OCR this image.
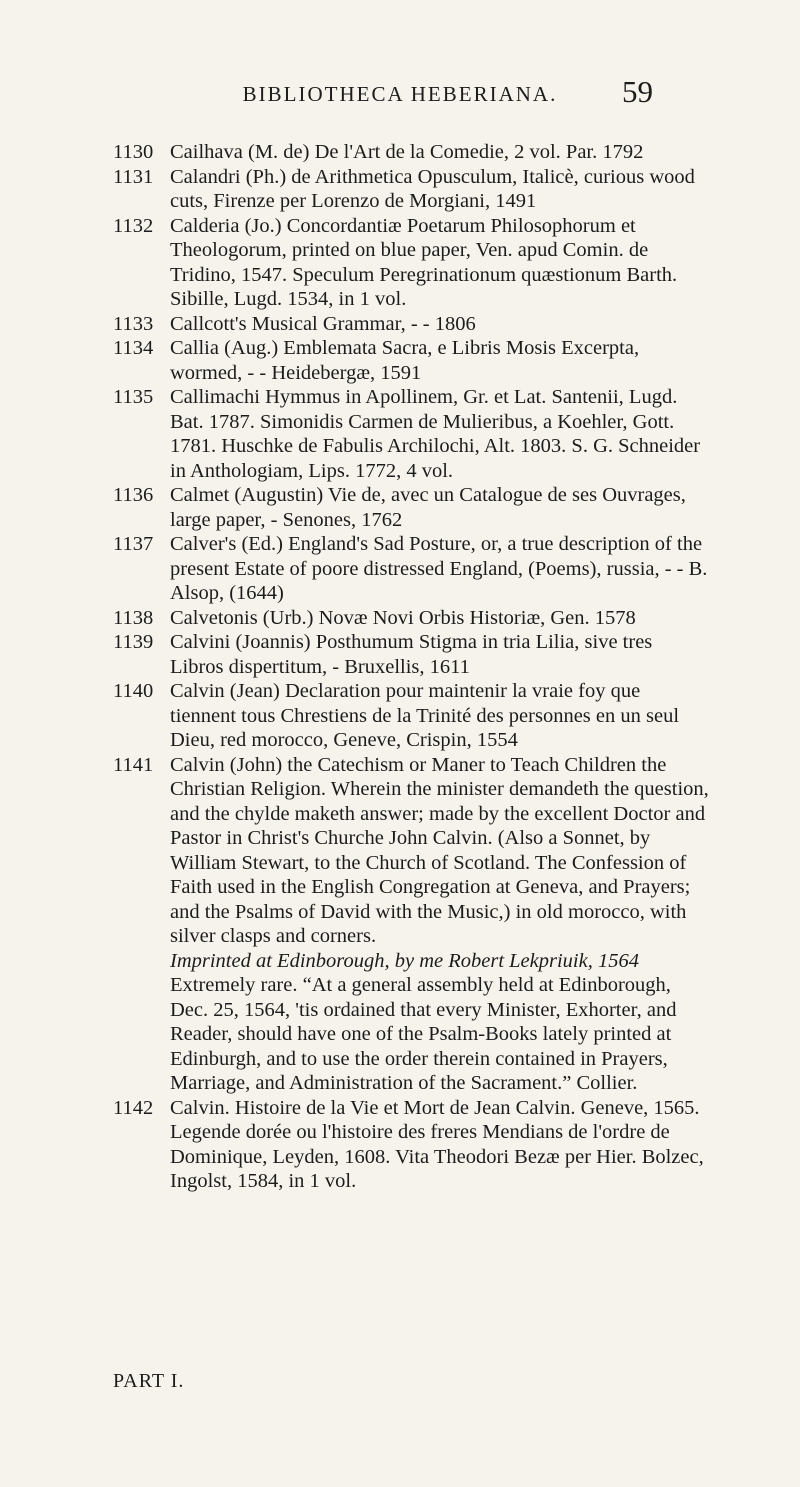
BIBLIOTHECA HEBERIANA.	59
1130 Cailhava (M. de) De l'Art de la Comedie, 2 vol. Par. 1792
1131 Calandri (Ph.) de Arithmetica Opusculum, Italicè, curious wood cuts, Firenze per Lorenzo de Morgiani, 1491
1132 Calderia (Jo.) Concordantiæ Poetarum Philosophorum et Theologorum, printed on blue paper, Ven. apud Comin. de Tridino, 1547. Speculum Peregrinationum quæstionum Barth. Sibille, Lugd. 1534, in 1 vol.
1133 Callcott's Musical Grammar, - - 1806
1134 Callia (Aug.) Emblemata Sacra, e Libris Mosis Excerpta, wormed, - - Heidebergæ, 1591
1135 Callimachi Hymmus in Apollinem, Gr. et Lat. Santenii, Lugd. Bat. 1787. Simonidis Carmen de Mulieribus, a Koehler, Gott. 1781. Huschke de Fabulis Archilochi, Alt. 1803. S. G. Schneider in Anthologiam, Lips. 1772, 4 vol.
1136 Calmet (Augustin) Vie de, avec un Catalogue de ses Ouvrages, large paper, - Senones, 1762
1137 Calver's (Ed.) England's Sad Posture, or, a true description of the present Estate of poore distressed England, (Poems), russia, - - B. Alsop, (1644)
1138 Calvetonis (Urb.) Novæ Novi Orbis Historiæ, Gen. 1578
1139 Calvini (Joannis) Posthumum Stigma in tria Lilia, sive tres Libros dispertitum, - Bruxellis, 1611
1140 Calvin (Jean) Declaration pour maintenir la vraie foy que tiennent tous Chrestiens de la Trinité des personnes en un seul Dieu, red morocco, Geneve, Crispin, 1554
1141 Calvin (John) the Catechism or Maner to Teach Children the Christian Religion. Wherein the minister demandeth the question, and the chylde maketh answer; made by the excellent Doctor and Pastor in Christ's Churche John Calvin. (Also a Sonnet, by William Stewart, to the Church of Scotland. The Confession of Faith used in the English Congregation at Geneva, and Prayers; and the Psalms of David with the Music,) in old morocco, with silver clasps and corners.
Imprinted at Edinborough, by me Robert Lekpriuik, 1564
Extremely rare. “At a general assembly held at Edinborough, Dec. 25, 1564, 'tis ordained that every Minister, Exhorter, and Reader, should have one of the Psalm-Books lately printed at Edinburgh, and to use the order therein contained in Prayers, Marriage, and Administration of the Sacrament.” Collier.
1142 Calvin. Histoire de la Vie et Mort de Jean Calvin. Geneve, 1565. Legende dorée ou l'histoire des freres Mendians de l'ordre de Dominique, Leyden, 1608. Vita Theodori Bezæ per Hier. Bolzec, Ingolst, 1584, in 1 vol.
PART I.
